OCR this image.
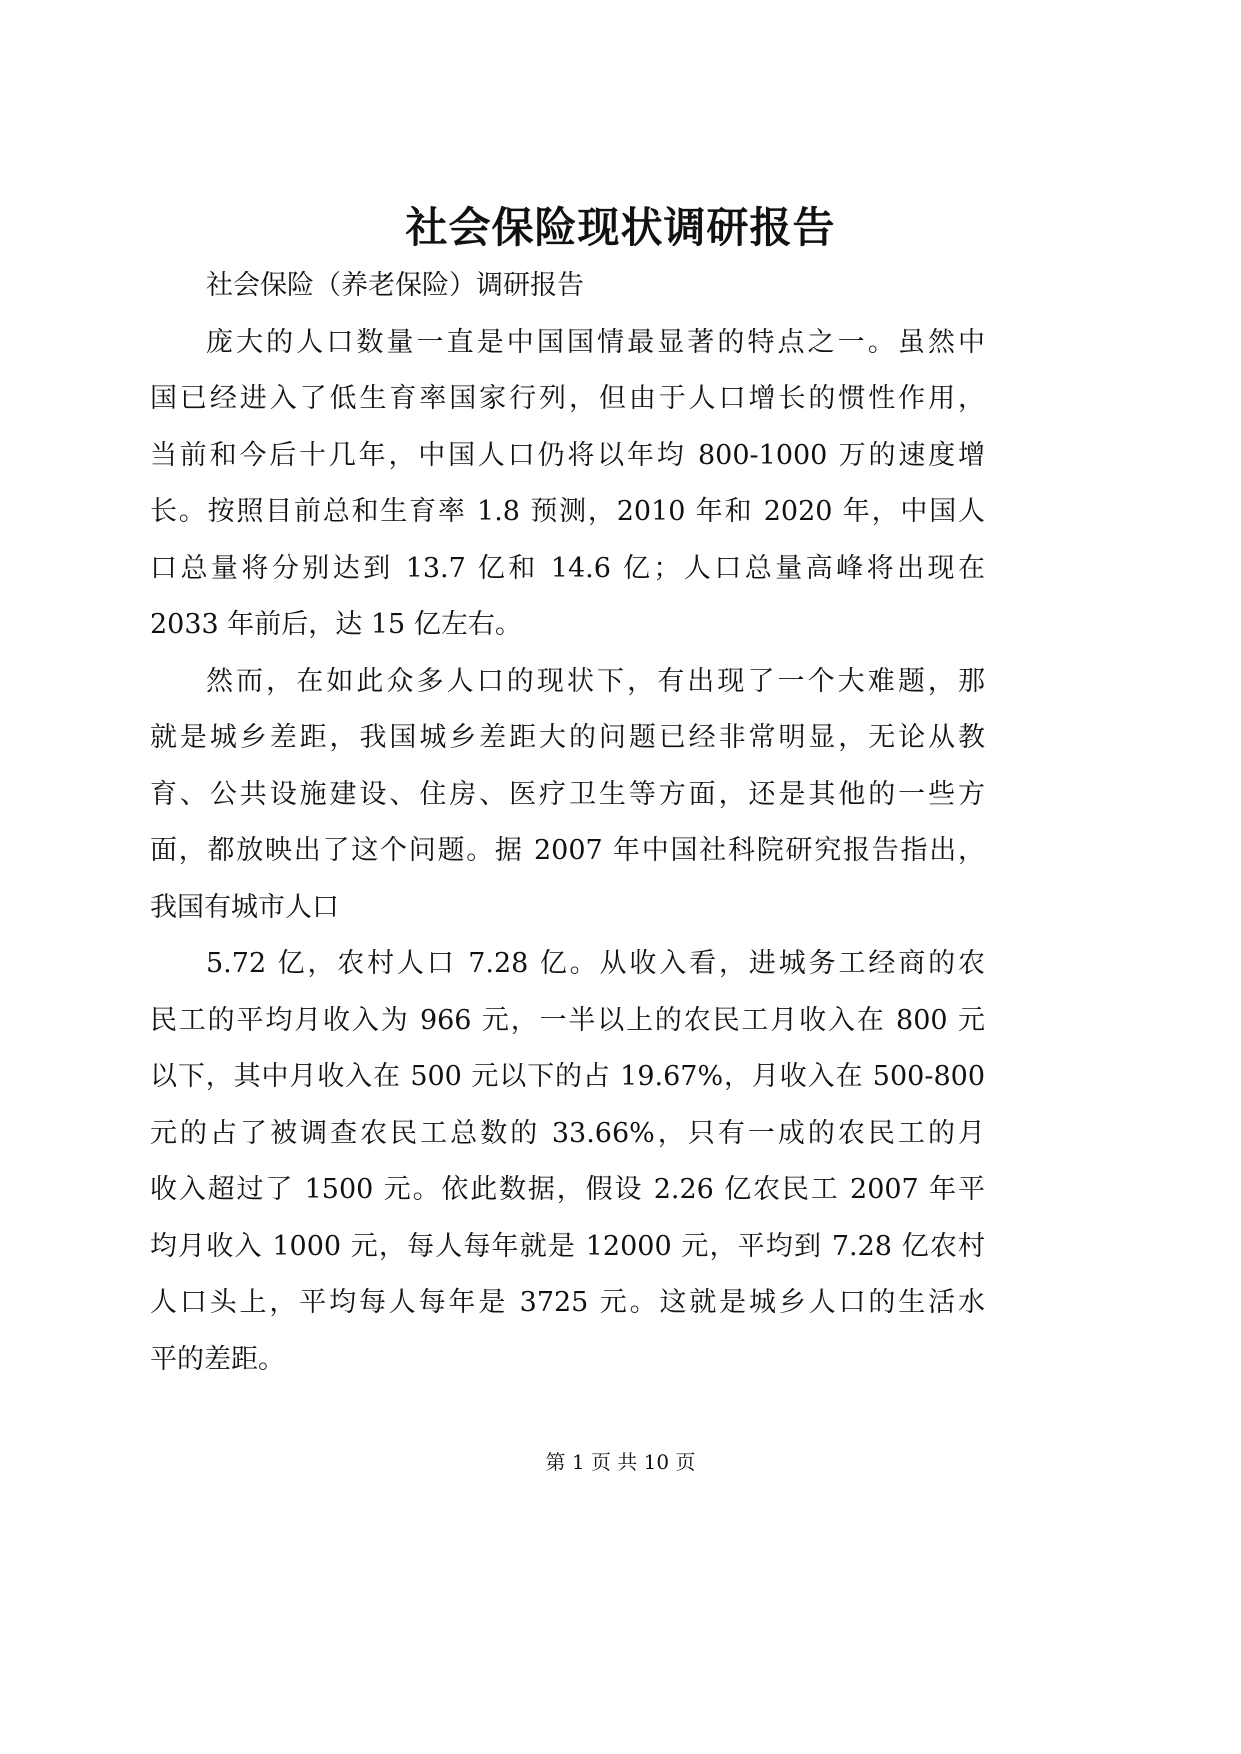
社会保险现状调研报告
社会保险（养老保险）调研报告
庞大的人口数量一直是中国国情最显著的特点之一。虽然中
国已经进入了低生育率国家行列，但由于人口增长的惯性作用，
当前和今后十几年，中国人口仍将以年均 800-1000 万的速度增
长。按照目前总和生育率 1.8 预测，2010 年和 2020 年，中国人
口总量将分别达到 13.7 亿和 14.6 亿；人口总量高峰将出现在
2033 年前后，达 15 亿左右。
然而，在如此众多人口的现状下，有出现了一个大难题，那
就是城乡差距，我国城乡差距大的问题已经非常明显，无论从教
育、公共设施建设、住房、医疗卫生等方面，还是其他的一些方
面，都放映出了这个问题。据 2007 年中国社科院研究报告指出，
我国有城市人口
5.72 亿，农村人口 7.28 亿。从收入看，进城务工经商的农
民工的平均月收入为 966 元，一半以上的农民工月收入在 800 元
以下，其中月收入在 500 元以下的占 19.67%，月收入在 500-800
元的占了被调查农民工总数的 33.66%，只有一成的农民工的月
收入超过了 1500 元。依此数据，假设 2.26 亿农民工 2007 年平
均月收入 1000 元，每人每年就是 12000 元，平均到 7.28 亿农村
人口头上，平均每人每年是 3725 元。这就是城乡人口的生活水
平的差距。
第 1 页 共 10 页
